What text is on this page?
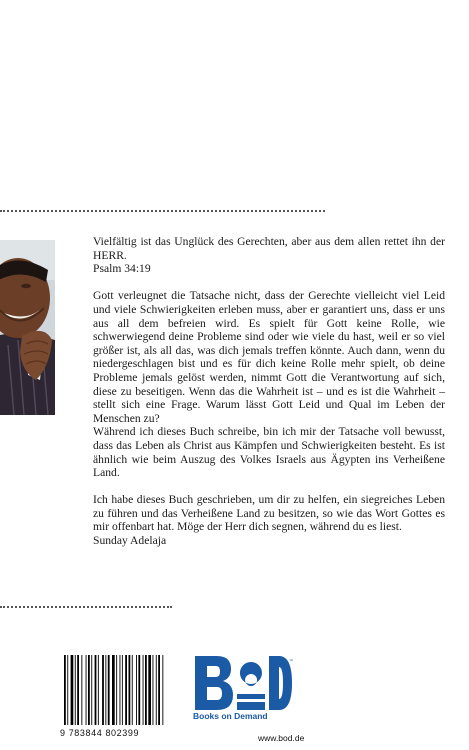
Vielfältig ist das Unglück des Gerechten, aber aus dem allen rettet ihn der HERR.

Psalm 34:19

Gott verleugnet die Tatsache nicht, dass der Gerechte vielleicht viel Leid und viele Schwierigkeiten erleben muss, aber er garantiert uns, dass er uns aus all dem befreien wird. Es spielt für Gott keine Rolle, wie schwerwiegend deine Probleme sind oder wie viele du hast, weil er so viel größer ist, als all das, was dich jemals treffen könnte. Auch dann, wenn du niedergeschlagen bist und es für dich keine Rolle mehr spielt, ob deine Probleme jemals gelöst werden, nimmt Gott die Verantwortung auf sich, diese zu beseitigen. Wenn das die Wahrheit ist – und es ist die Wahrheit – stellt sich eine Frage. Warum lässt Gott Leid und Qual im Leben der Menschen zu?

Während ich dieses Buch schreibe, bin ich mir der Tatsache voll bewusst, dass das Leben als Christ aus Kämpfen und Schwierigkeiten besteht. Es ist ähnlich wie beim Auszug des Volkes Israels aus Ägypten ins Verheißene Land.

Ich habe dieses Buch geschrieben, um dir zu helfen, ein siegreiches Leben zu führen und das Verheißene Land zu besitzen, so wie das Wort Gottes es mir offenbart hat. Möge der Herr dich segnen, während du es liest.

Sunday Adelaja

9 783844 802399
™
Books on Demand
www.bod.de
